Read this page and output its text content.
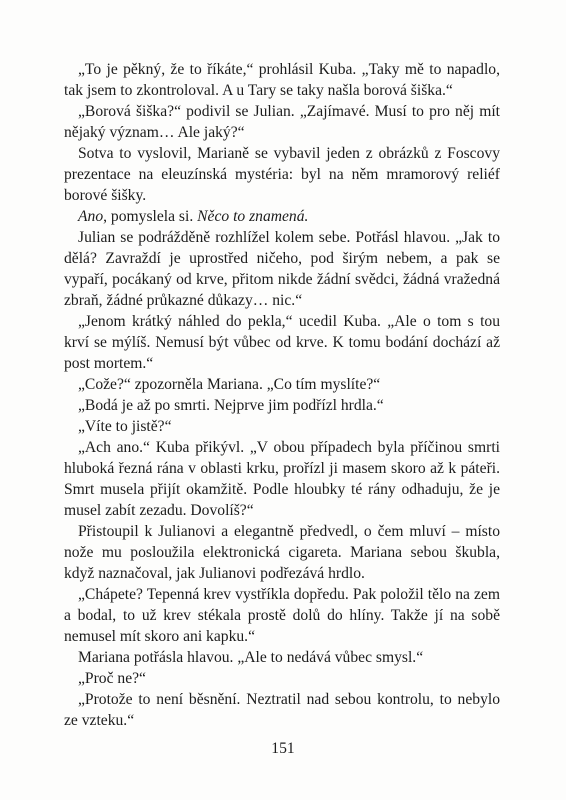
„To je pěkný, že to říkáte,“ prohlásil Kuba. „Taky mě to napadlo, tak jsem to zkontroloval. A u Tary se taky našla borová šiška.“

„Borová šiška?“ podivil se Julian. „Zajímavé. Musí to pro něj mít nějaký význam… Ale jaký?“

Sotva to vyslovil, Marianě se vybavil jeden z obrázků z Foscovy prezentace na eleuzínská mystéria: byl na něm mramorový reliéf borové šišky.

Ano, pomyslela si. Něco to znamená.

Julian se podrážděně rozhlížel kolem sebe. Potřásl hlavou. „Jak to dělá? Zavraždí je uprostřed ničeho, pod širým nebem, a pak se vypaří, pocákaný od krve, přitom nikde žádní svědci, žádná vražedná zbraň, žádné průkazné důkazy… nic.“

„Jenom krátký náhled do pekla,“ ucedil Kuba. „Ale o tom s tou krví se mýlíš. Nemusí být vůbec od krve. K tomu bodání dochází až post mortem.“

„Cože?“ zpozorněla Mariana. „Co tím myslíte?“

„Bodá je až po smrti. Nejprve jim podřízl hrdla.“

„Víte to jistě?“

„Ach ano.“ Kuba přikývl. „V obou případech byla příčinou smrti hluboká řezná rána v oblasti krku, prořízl ji masem skoro až k páteři. Smrt musela přijít okamžitě. Podle hloubky té rány odhaduju, že je musel zabít zezadu. Dovolíš?“

Přistoupil k Julianovi a elegantně předvedl, o čem mluví – místo nože mu posloužila elektronická cigareta. Mariana sebou škubla, když naznačoval, jak Julianovi podřezává hrdlo.

„Chápete? Tepenná krev vystříkla dopředu. Pak položil tělo na zem a bodal, to už krev stékala prostě dolů do hlíny. Takže jí na sobě nemusel mít skoro ani kapku.“

Mariana potřásla hlavou. „Ale to nedává vůbec smysl.“

„Proč ne?“

„Protože to není běsnění. Neztratil nad sebou kontrolu, to nebylo ze vzteku.“

151
